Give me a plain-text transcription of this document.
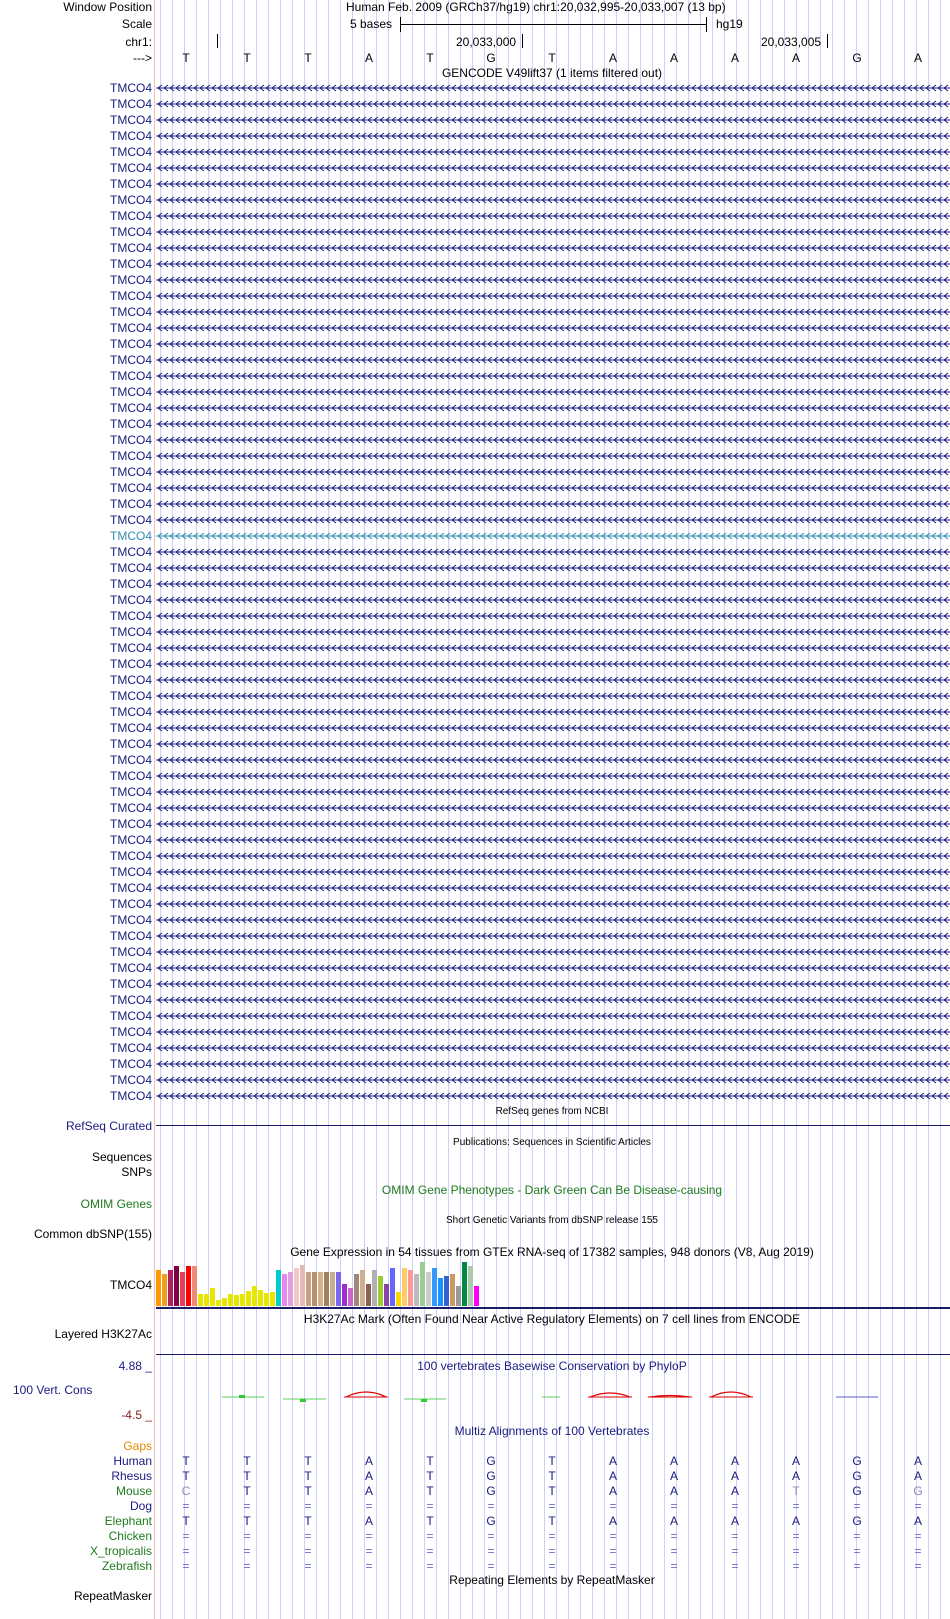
Window Position	Human Feb. 2009 (GRCh37/hg19) chr1:20,032,995-20,033,007 (13 bp)
Scale	5 bases	hg19
chr1:	20,033,000	20,033,005
--->	T	T	T	A	T	G	T	A	A	A	A	G	A
GENCODE V49lift37 (1 items filtered out)
TMCO4
TMCO4
TMCO4
TMCO4
TMCO4
TMCO4
TMCO4
TMCO4
TMCO4
TMCO4
TMCO4
TMCO4
TMCO4
TMCO4
TMCO4
TMCO4
TMCO4
TMCO4
TMCO4
TMCO4
TMCO4
TMCO4
TMCO4
TMCO4
TMCO4
TMCO4
TMCO4
TMCO4
TMCO4
TMCO4
TMCO4
TMCO4
TMCO4
TMCO4
TMCO4
TMCO4
TMCO4
TMCO4
TMCO4
TMCO4
TMCO4
TMCO4
TMCO4
TMCO4
TMCO4
TMCO4
TMCO4
TMCO4
TMCO4
TMCO4
TMCO4
TMCO4
TMCO4
TMCO4
TMCO4
TMCO4
TMCO4
TMCO4
TMCO4
TMCO4
TMCO4
TMCO4
TMCO4
TMCO4
RefSeq genes from NCBI
RefSeq Curated
Publications: Sequences in Scientific Articles
Sequences
SNPs
OMIM Gene Phenotypes - Dark Green Can Be Disease-causing
OMIM Genes
Short Genetic Variants from dbSNP release 155
Common dbSNP(155)
Gene Expression in 54 tissues from GTEx RNA-seq of 17382 samples, 948 donors (V8, Aug 2019)
TMCO4
H3K27Ac Mark (Often Found Near Active Regulatory Elements) on 7 cell lines from ENCODE
Layered H3K27Ac
100 vertebrates Basewise Conservation by PhyloP
4.88 _
100 Vert. Cons
-4.5 _
Multiz Alignments of 100 Vertebrates
Gaps
Human	T	T	T	A	T	G	T	A	A	A	A	G	A
Rhesus	T	T	T	A	T	G	T	A	A	A	A	G	A
Mouse	C	T	T	A	T	G	T	A	A	A	T	G	G
Dog	=	=	=	=	=	=	=	=	=	=	=	=	=
Elephant	T	T	T	A	T	G	T	A	A	A	A	G	A
Chicken	=	=	=	=	=	=	=	=	=	=	=	=	=
X_tropicalis	=	=	=	=	=	=	=	=	=	=	=	=	=
Zebrafish	=	=	=	=	=	=	=	=	=	=	=	=	=
Repeating Elements by RepeatMasker
RepeatMasker
